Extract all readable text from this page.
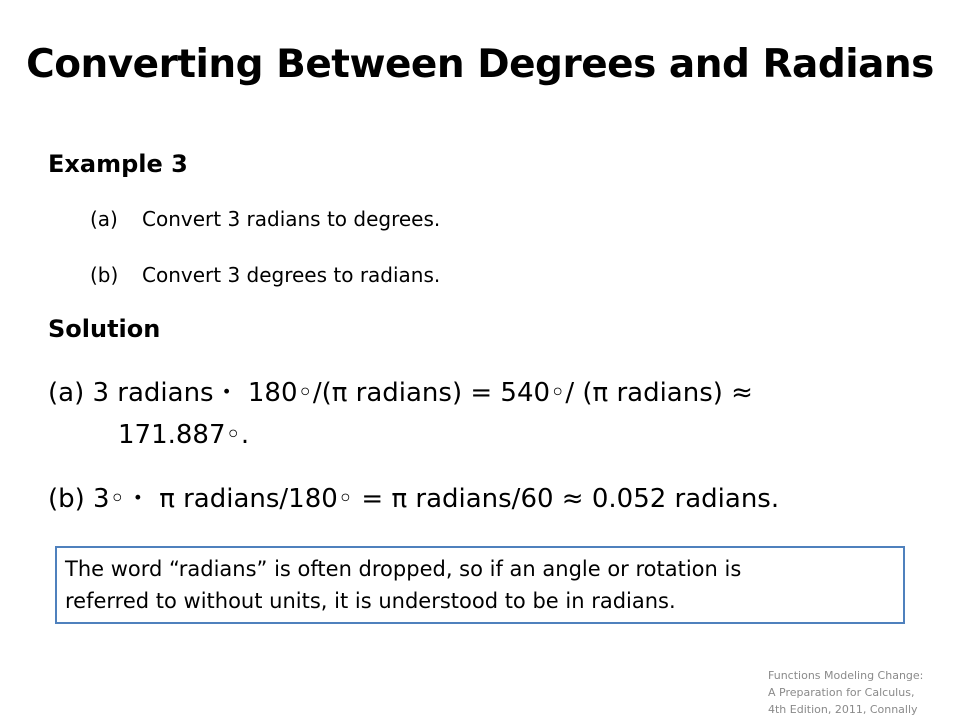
Converting Between Degrees and Radians
Example 3
(a) Convert 3 radians to degrees.
(b) Convert 3 degrees to radians.
Solution
(a) 3 radians・ 180◦/(π radians) = 540◦/ (π radians) ≈
171.887◦.
(b) 3◦・ π radians/180◦ = π radians/60 ≈ 0.052 radians.
The word “radians” is often dropped, so if an angle or rotation is
referred to without units, it is understood to be in radians.
Functions Modeling Change:
A Preparation for Calculus,
4th Edition, 2011, Connally
